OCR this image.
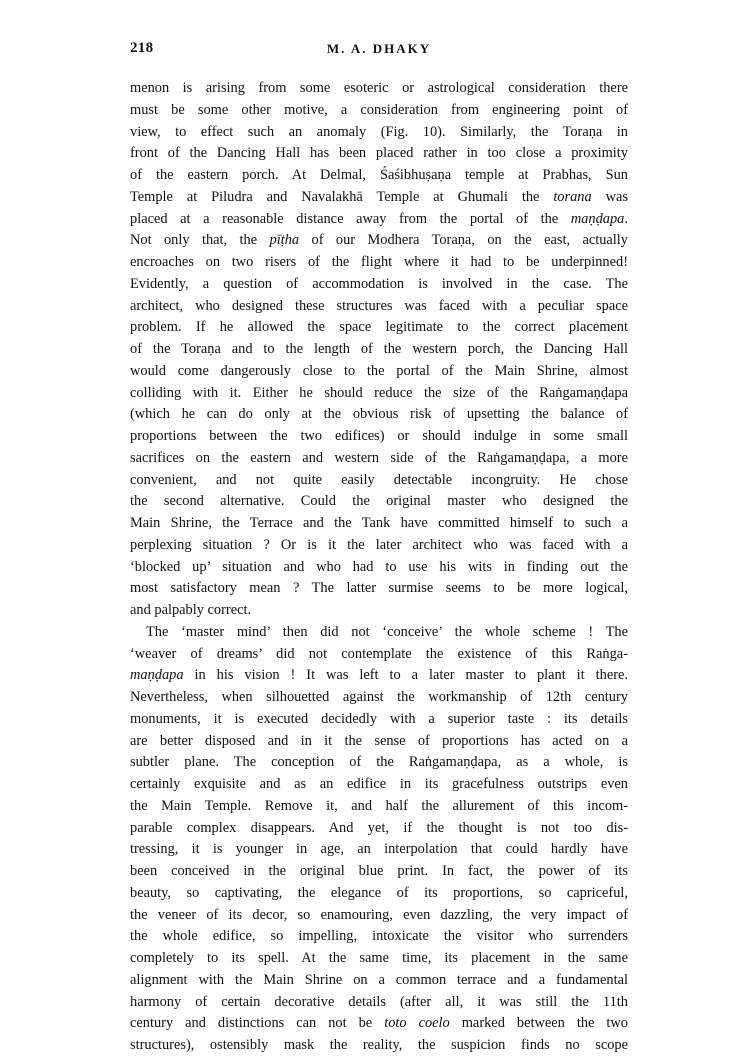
218	M. A. DHAKY
menon is arising from some esoteric or astrological consideration there
must be some other motive, a consideration from engineering point of
view, to effect such an anomaly (Fig. 10). Similarly, the Toraṇa in
front of the Dancing Hall has been placed rather in too close a proximity
of the eastern porch. At Delmal, Śaśibhuṣaṇa temple at Prabhas, Sun
Temple at Piludra and Navalakhā Temple at Ghumali the torana was
placed at a reasonable distance away from the portal of the maṇḍapa.
Not only that, the pīṭha of our Modhera Toraṇa, on the east, actually
encroaches on two risers of the flight where it had to be underpinned!
Evidently, a question of accommodation is involved in the case. The
architect, who designed these structures was faced with a peculiar space
problem. If he allowed the space legitimate to the correct placement
of the Toraṇa and to the length of the western porch, the Dancing Hall
would come dangerously close to the portal of the Main Shrine, almost
colliding with it. Either he should reduce the size of the Raṅgamaṇḍapa
(which he can do only at the obvious risk of upsetting the balance of
proportions between the two edifices) or should indulge in some small
sacrifices on the eastern and western side of the Raṅgamaṇḍapa, a more
convenient, and not quite easily detectable incongruity. He chose
the second alternative. Could the original master who designed the
Main Shrine, the Terrace and the Tank have committed himself to such a
perplexing situation ? Or is it the later architect who was faced with a
‘blocked up’ situation and who had to use his wits in finding out the
most satisfactory mean ? The latter surmise seems to be more logical,
and palpably correct.
The ‘master mind’ then did not ‘conceive’ the whole scheme ! The
‘weaver of dreams’ did not contemplate the existence of this Raṅga-
maṇḍapa in his vision ! It was left to a later master to plant it there.
Nevertheless, when silhouetted against the workmanship of 12th century
monuments, it is executed decidedly with a superior taste : its details
are better disposed and in it the sense of proportions has acted on a
subtler plane. The conception of the Raṅgamaṇḍapa, as a whole, is
certainly exquisite and as an edifice in its gracefulness outstrips even
the Main Temple. Remove it, and half the allurement of this incom-
parable complex disappears. And yet, if the thought is not too dis-
tressing, it is younger in age, an interpolation that could hardly have
been conceived in the original blue print. In fact, the power of its
beauty, so captivating, the elegance of its proportions, so capriceful,
the veneer of its decor, so enamouring, even dazzling, the very impact of
the whole edifice, so impelling, intoxicate the visitor who surrenders
completely to its spell. At the same time, its placement in the same
alignment with the Main Shrine on a common terrace and a fundamental
harmony of certain decorative details (after all, it was still the 11th
century and distinctions can not be toto coelo marked between the two
structures), ostensibly mask the reality, the suspicion finds no scope
